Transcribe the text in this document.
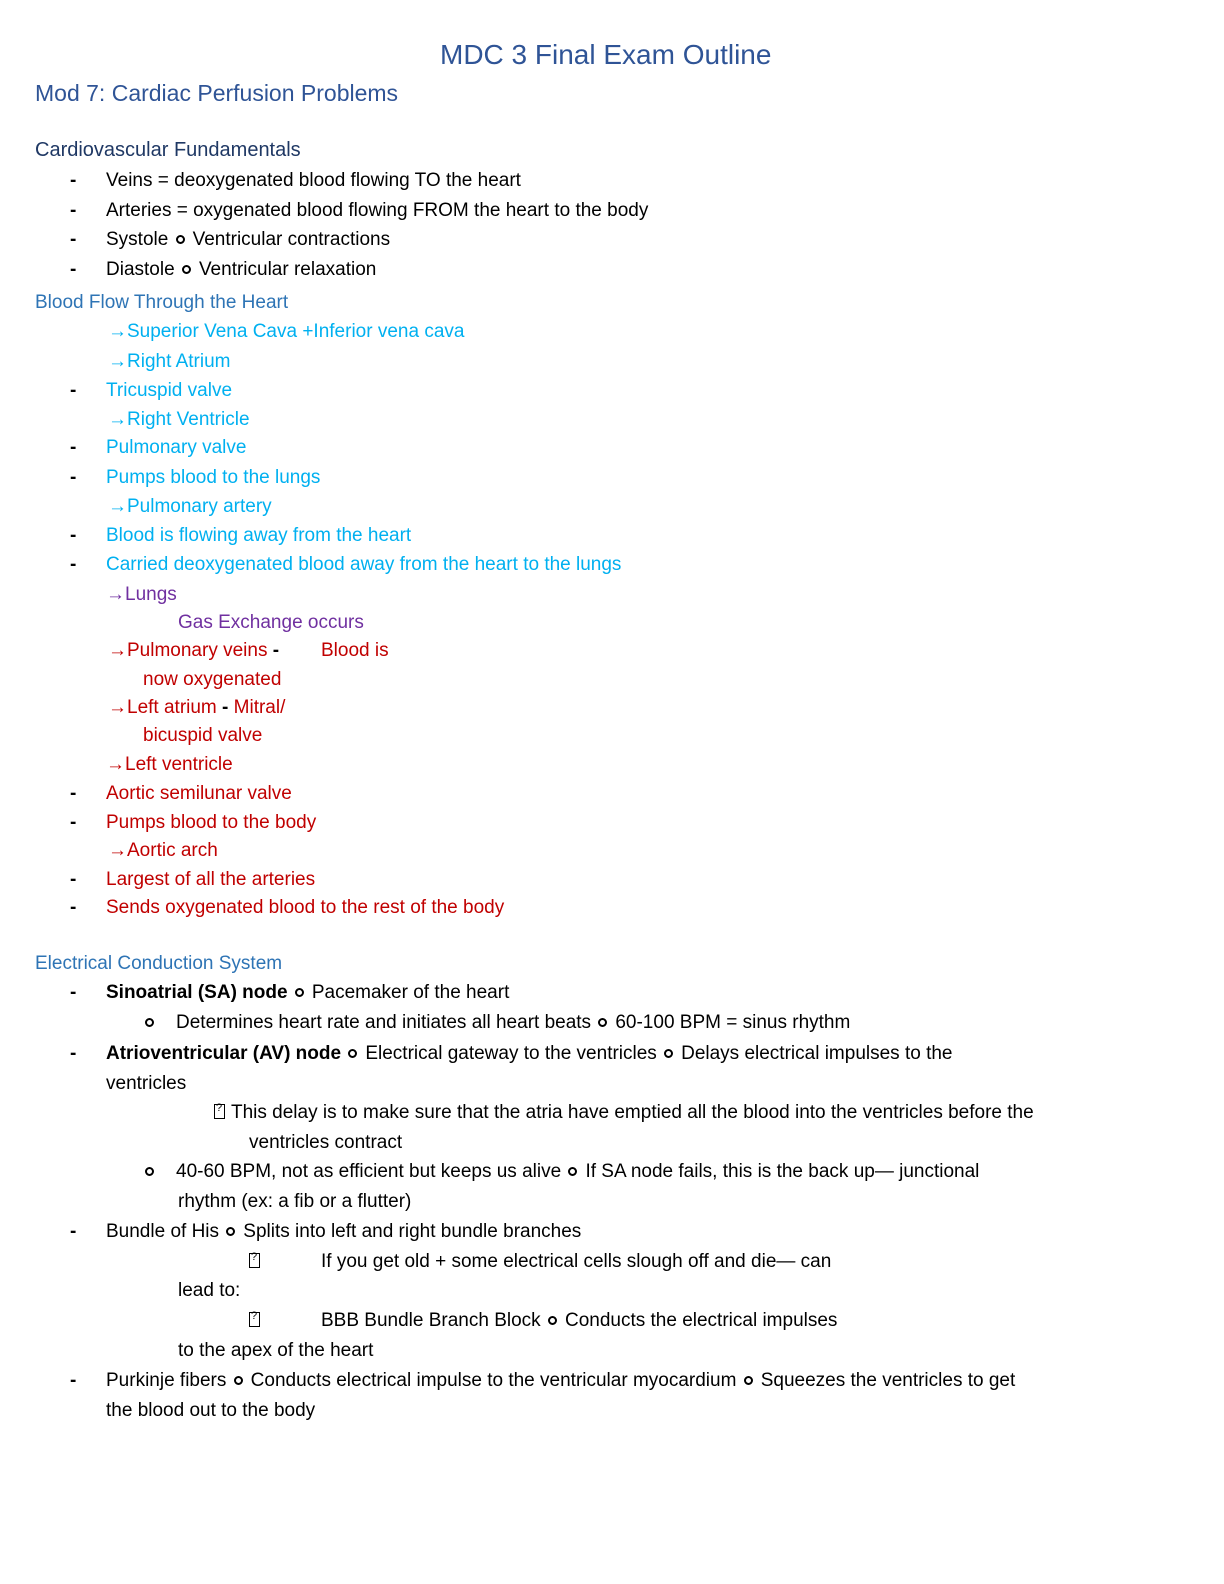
MDC 3 Final Exam Outline
Mod 7: Cardiac Perfusion Problems
Cardiovascular Fundamentals
- Veins = deoxygenated blood flowing TO the heart
- Arteries = oxygenated blood flowing FROM the heart to the body
- Systole Ventricular contractions
- Diastole Ventricular relaxation
Blood Flow Through the Heart
→Superior Vena Cava +Inferior vena cava
→Right Atrium
- Tricuspid valve
→Right Ventricle
- Pulmonary valve
- Pumps blood to the lungs
→Pulmonary artery
- Blood is flowing away from the heart
- Carried deoxygenated blood away from the heart to the lungs
→Lungs
Gas Exchange occurs
→Pulmonary veins - Blood is
now oxygenated
→Left atrium - Mitral/
bicuspid valve
→Left ventricle
- Aortic semilunar valve
- Pumps blood to the body
→Aortic arch
- Largest of all the arteries
- Sends oxygenated blood to the rest of the body
Electrical Conduction System
- Sinoatrial (SA) node Pacemaker of the heart
Determines heart rate and initiates all heart beats 60-100 BPM = sinus rhythm
- Atrioventricular (AV) node Electrical gateway to the ventricles Delays electrical impulses to the
ventricles
?This delay is to make sure that the atria have emptied all the blood into the ventricles before the
ventricles contract
40-60 BPM, not as efficient but keeps us alive If SA node fails, this is the back up— junctional
rhythm (ex: a fib or a flutter)
- Bundle of His Splits into left and right bundle branches
?
If you get old + some electrical cells slough off and die— can
lead to:
?
BBB Bundle Branch Block Conducts the electrical impulses
to the apex of the heart
- Purkinje fibers Conducts electrical impulse to the ventricular myocardium Squeezes the ventricles to get
the blood out to the body
